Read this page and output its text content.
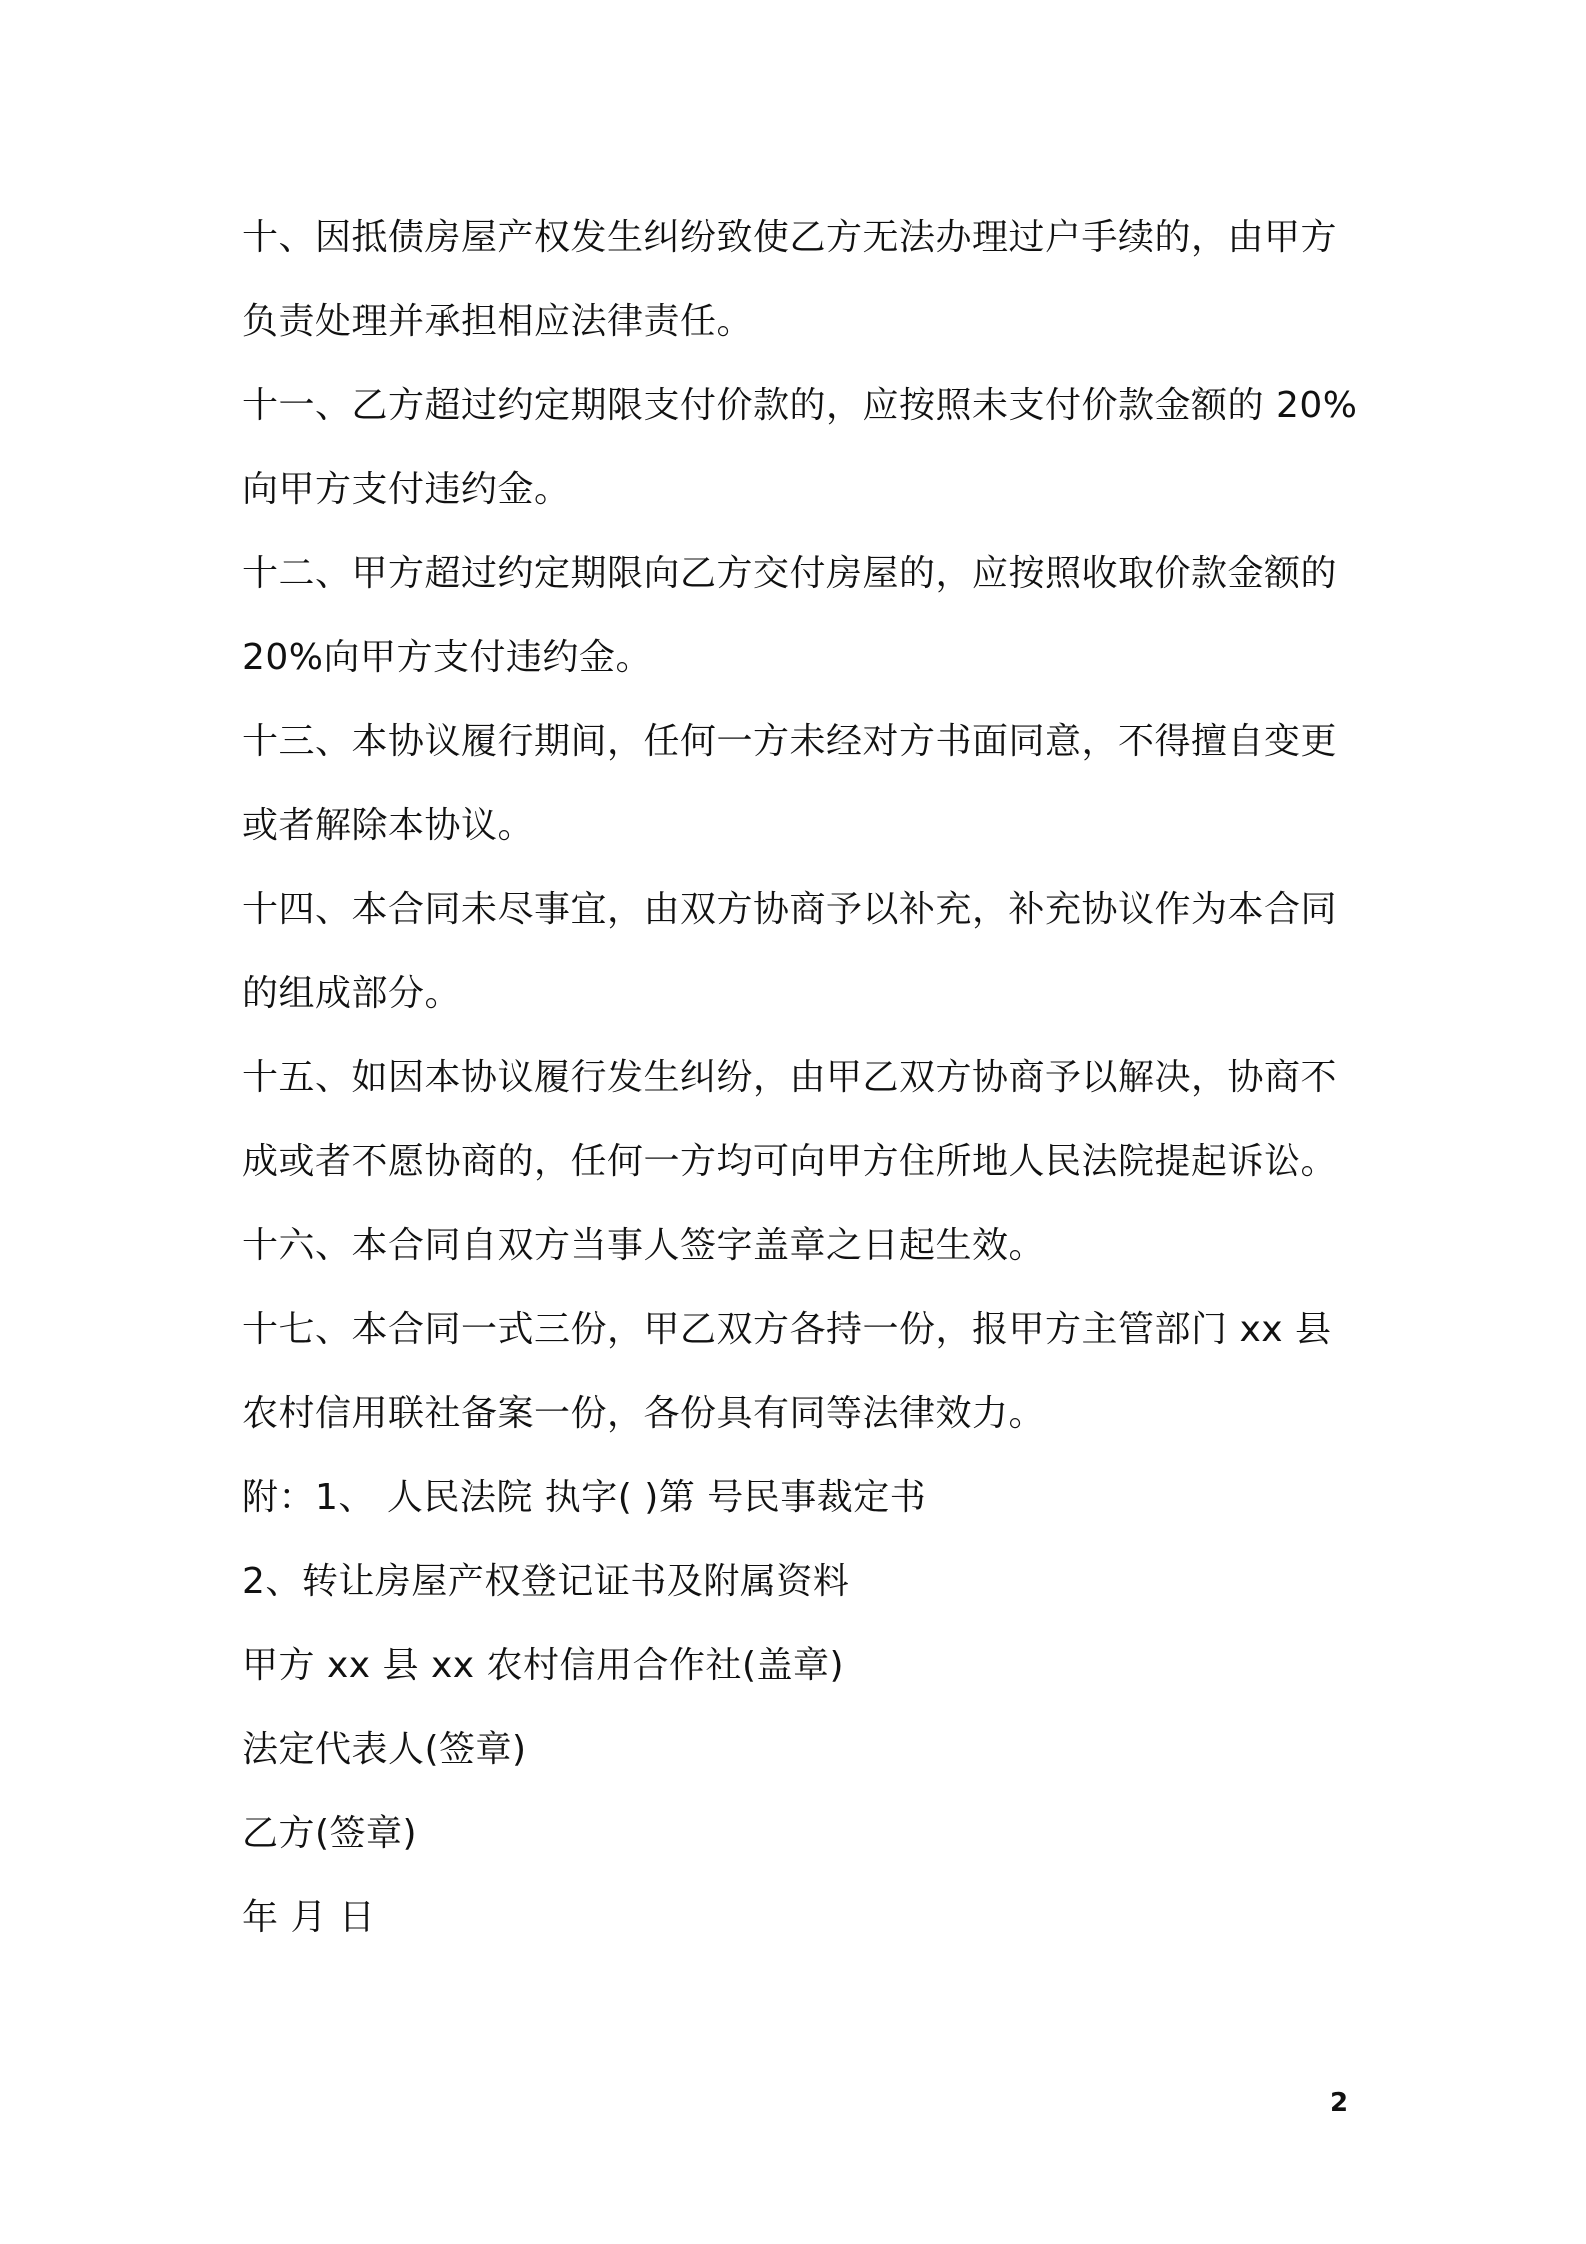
十、因抵债房屋产权发生纠纷致使乙方无法办理过户手续的，由甲方
负责处理并承担相应法律责任。
十一、乙方超过约定期限支付价款的，应按照未支付价款金额的 20%
向甲方支付违约金。
十二、甲方超过约定期限向乙方交付房屋的，应按照收取价款金额的
20%向甲方支付违约金。
十三、本协议履行期间，任何一方未经对方书面同意，不得擅自变更
或者解除本协议。
十四、本合同未尽事宜，由双方协商予以补充，补充协议作为本合同
的组成部分。
十五、如因本协议履行发生纠纷，由甲乙双方协商予以解决，协商不
成或者不愿协商的，任何一方均可向甲方住所地人民法院提起诉讼。
十六、本合同自双方当事人签字盖章之日起生效。
十七、本合同一式三份，甲乙双方各持一份，报甲方主管部门 xx 县
农村信用联社备案一份，各份具有同等法律效力。
附：1、 人民法院 执字( )第 号民事裁定书
2、转让房屋产权登记证书及附属资料
甲方 xx 县 xx 农村信用合作社(盖章)
法定代表人(签章)
乙方(签章)
年 月 日
2
